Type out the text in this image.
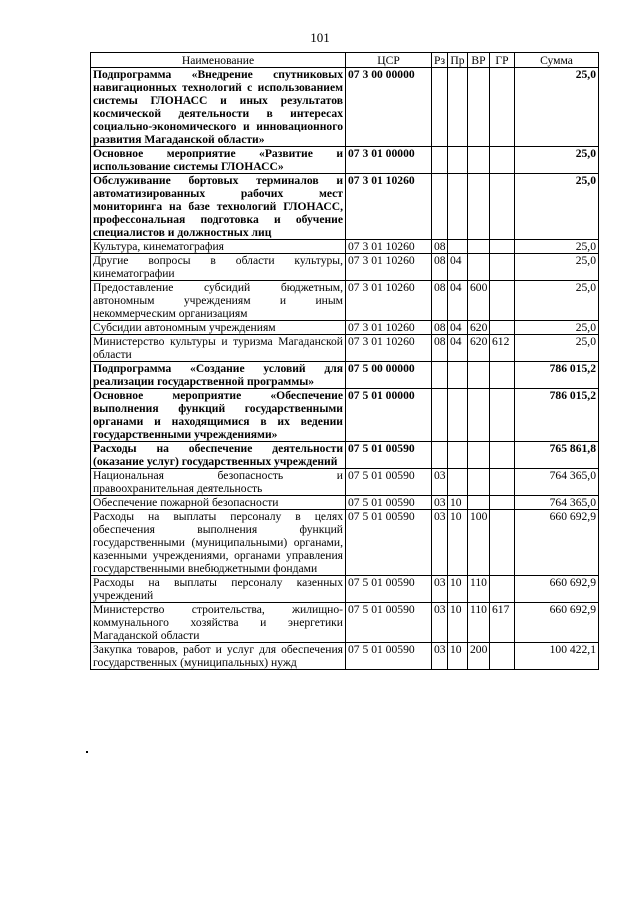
101
Наименование	ЦСР	Рз	Пр	ВР	ГР	Сумма
Подпрограмма «Внедрение спутниковых навигационных технологий с использованием системы ГЛОНАСС и иных результатов космической деятельности в интересах социально-экономического и инновационного развития Магаданской области»	07 3 00 00000					25,0
Основное мероприятие «Развитие и использование системы ГЛОНАСС»	07 3 01 00000					25,0
Обслуживание бортовых терминалов и автоматизированных рабочих мест мониторинга на базе технологий ГЛОНАСС, профессональная подготовка и обучение специалистов и должностных лиц	07 3 01 10260					25,0
Культура, кинематография	07 3 01 10260	08				25,0
Другие вопросы в области культуры, кинематографии	07 3 01 10260	08	04			25,0
Предоставление субсидий бюджетным, автономным учреждениям и иным некоммерческим организациям	07 3 01 10260	08	04	600		25,0
Субсидии автономным учреждениям	07 3 01 10260	08	04	620		25,0
Министерство культуры и туризма Магаданской области	07 3 01 10260	08	04	620	612	25,0
Подпрограмма «Создание условий для реализации государственной программы»	07 5 00 00000					786 015,2
Основное мероприятие «Обеспечение выполнения функций государственными органами и находящимися в их ведении государственными учреждениями»	07 5 01 00000					786 015,2
Расходы на обеспечение деятельности (оказание услуг) государственных учреждений	07 5 01 00590					765 861,8
Национальная безопасность и правоохранительная деятельность	07 5 01 00590	03				764 365,0
Обеспечение пожарной безопасности	07 5 01 00590	03	10			764 365,0
Расходы на выплаты персоналу в целях обеспечения выполнения функций государственными (муниципальными) органами, казенными учреждениями, органами управления государственными внебюджетными фондами	07 5 01 00590	03	10	100		660 692,9
Расходы на выплаты персоналу казенных учреждений	07 5 01 00590	03	10	110		660 692,9
Министерство строительства, жилищно-коммунального хозяйства и энергетики Магаданской области	07 5 01 00590	03	10	110	617	660 692,9
Закупка товаров, работ и услуг для обеспечения государственных (муниципальных) нужд	07 5 01 00590	03	10	200		100 422,1
